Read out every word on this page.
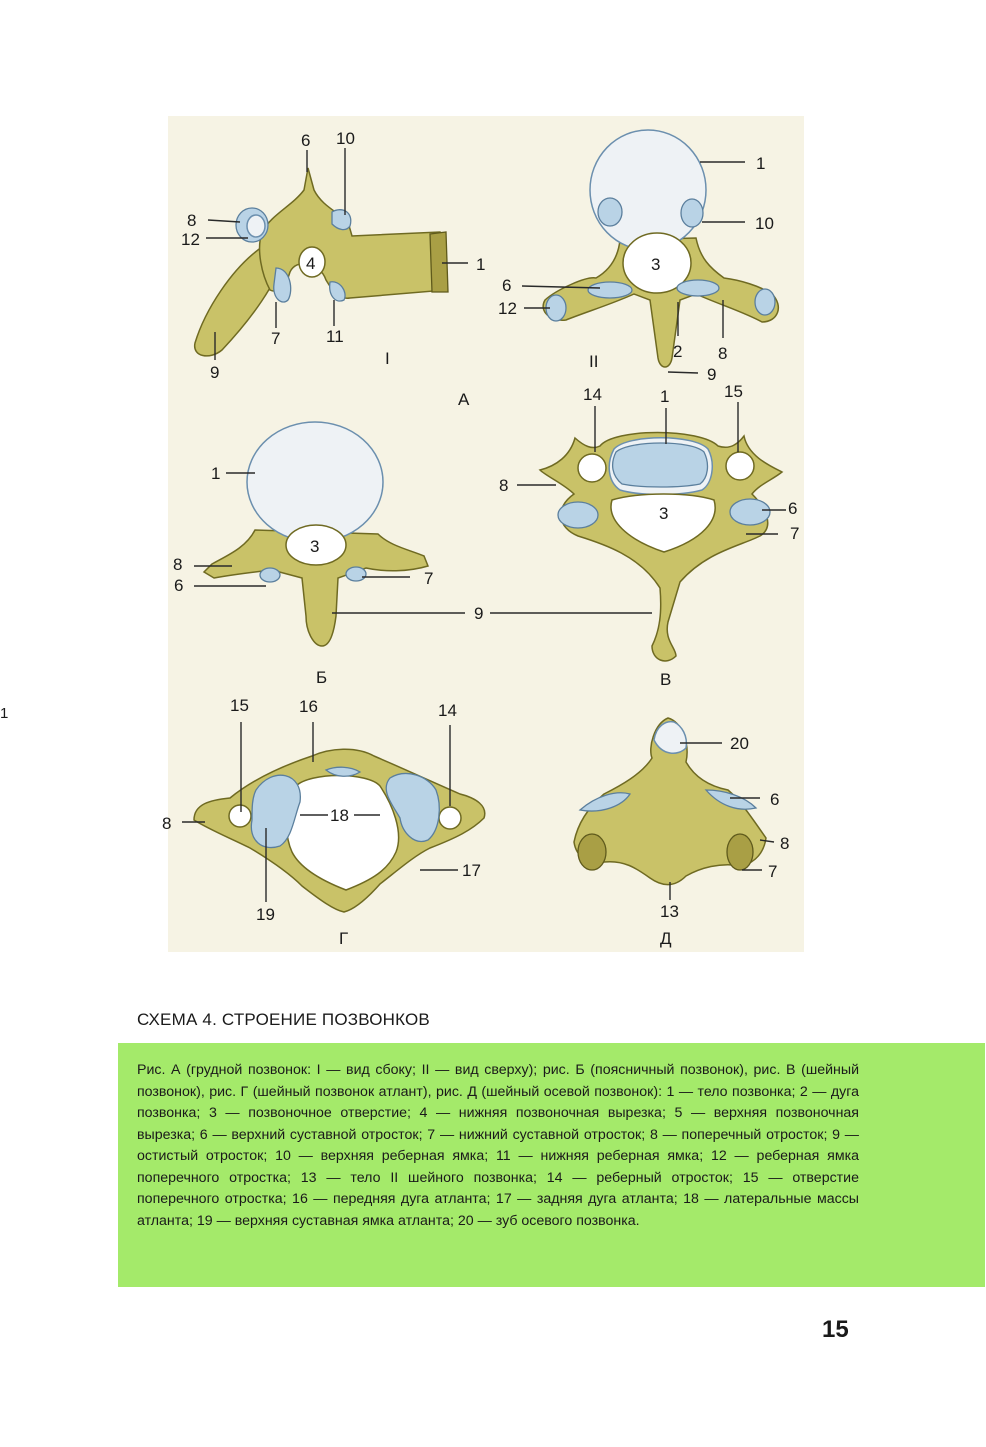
1
6 10
8
12
1
4
7	11
9
I
1
10
3
6
12
2 8
9
II
А
1
3
8
6	7
9
Б
14	1	15
8
3	6
7
В
15	16	14
8	18
17
19
Г
20
6
8
7
13
Д
СХЕМА 4. СТРОЕНИЕ ПОЗВОНКОВ
Рис. А (грудной позвонок: I — вид сбоку; II — вид сверху); рис. Б (поясничный позвонок), рис. В (шейный позвонок), рис. Г (шейный позвонок атлант), рис. Д (шейный осевой позвонок): 1 — тело позвонка; 2 — дуга позвонка; 3 — позвоночное отверстие; 4 — нижняя позвоночная вырезка; 5 — верхняя позвоночная вырезка; 6 — верхний суставной отросток; 7 — нижний суставной отросток; 8 — поперечный отросток; 9 — остистый отросток; 10 — верхняя реберная ямка; 11 — нижняя реберная ямка; 12 — реберная ямка поперечного отростка; 13 — тело II шейного позвонка; 14 — реберный отросток; 15 — отверстие поперечного отростка; 16 — передняя дуга атланта; 17 — задняя дуга атланта; 18 — латеральные массы атланта; 19 — верхняя суставная ямка атланта; 20 — зуб осевого позвонка.
15
